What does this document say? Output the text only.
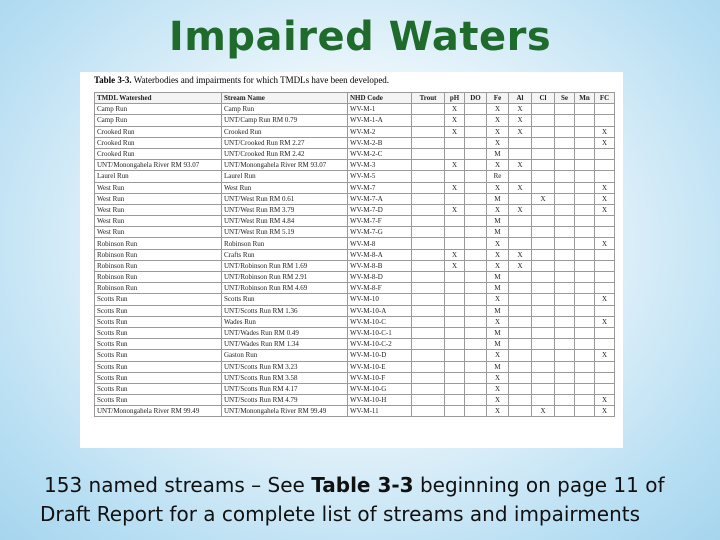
Impaired Waters
Table 3-3. Waterbodies and impairments for which TMDLs have been developed.
TMDL Watershed	Stream Name	NHD Code	Trout	pH	DO	Fe	Al	Cl	Se	Mn	FC
Camp Run	Camp Run	WV-M-1		X		X	X				
Camp Run	UNT/Camp Run RM 0.79	WV-M-1-A		X		X	X				
Crooked Run	Crooked Run	WV-M-2		X		X	X				X
Crooked Run	UNT/Crooked Run RM 2.27	WV-M-2-B				X					X
Crooked Run	UNT/Crooked Run RM 2.42	WV-M-2-C				M					
UNT/Monongahela River RM 93.07	UNT/Monongahela River RM 93.07	WV-M-3		X		X	X				
Laurel Run	Laurel Run	WV-M-5				Re					
West Run	West Run	WV-M-7		X		X	X				X
West Run	UNT/West Run RM 0.61	WV-M-7-A				M		X			X
West Run	UNT/West Run RM 3.79	WV-M-7-D		X		X	X				X
West Run	UNT/West Run RM 4.84	WV-M-7-F				M					
West Run	UNT/West Run RM 5.19	WV-M-7-G				M					
Robinson Run	Robinson Run	WV-M-8				X					X
Robinson Run	Crafts Run	WV-M-8-A		X		X	X				
Robinson Run	UNT/Robinson Run RM 1.69	WV-M-8-B		X		X	X				
Robinson Run	UNT/Robinson Run RM 2.91	WV-M-8-D				M					
Robinson Run	UNT/Robinson Run RM 4.69	WV-M-8-F				M					
Scotts Run	Scotts Run	WV-M-10				X					X
Scotts Run	UNT/Scotts Run RM 1.36	WV-M-10-A				M					
Scotts Run	Wades Run	WV-M-10-C				X					X
Scotts Run	UNT/Wades Run RM 0.49	WV-M-10-C-1				M					
Scotts Run	UNT/Wades Run RM 1.34	WV-M-10-C-2				M					
Scotts Run	Gaston Run	WV-M-10-D				X					X
Scotts Run	UNT/Scotts Run RM 3.23	WV-M-10-E				M					
Scotts Run	UNT/Scotts Run RM 3.58	WV-M-10-F				X					
Scotts Run	UNT/Scotts Run RM 4.17	WV-M-10-G				X					
Scotts Run	UNT/Scotts Run RM 4.79	WV-M-10-H				X					X
UNT/Monongahela River RM 99.49	UNT/Monongahela River RM 99.49	WV-M-11				X		X			X
153 named streams – See Table 3-3 beginning on page 11 of
Draft Report for a complete list of streams and impairments
